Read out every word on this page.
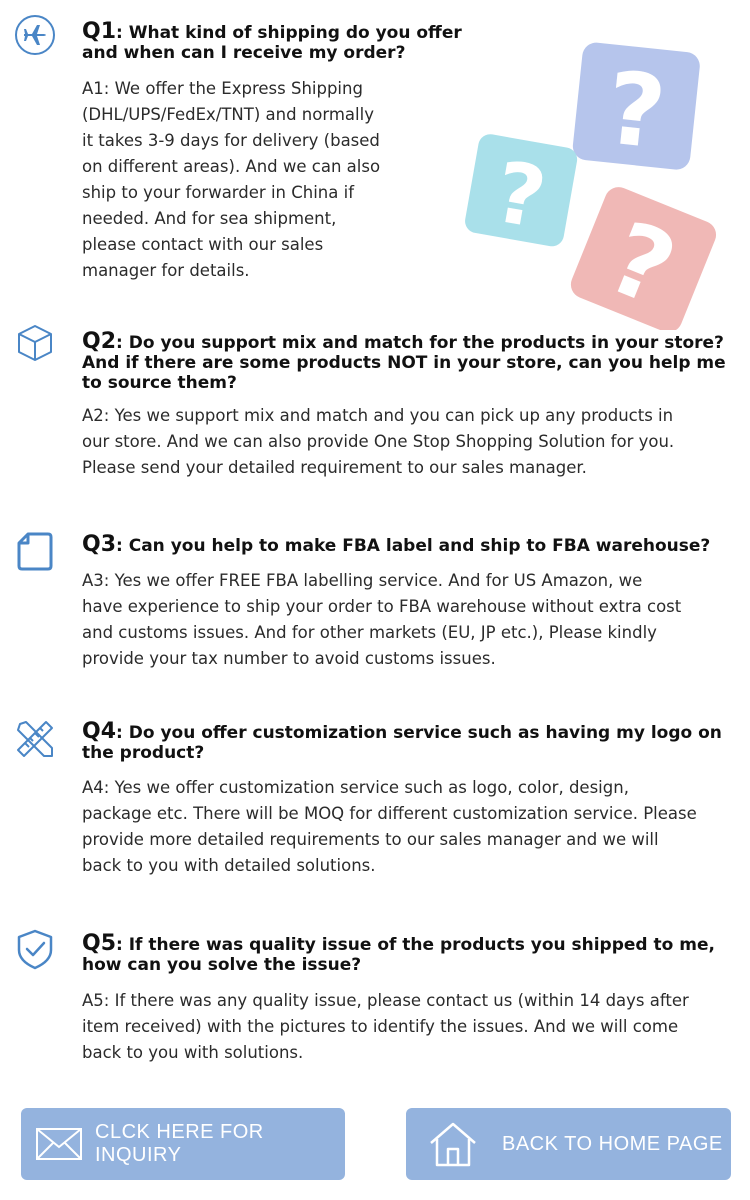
Q1: What kind of shipping do you offer and when can I receive my order?

A1: We offer the Express Shipping
(DHL/UPS/FedEx/TNT) and normally
it takes 3-9 days for delivery (based
on different areas). And we can also
ship to your forwarder in China if
needed. And for sea shipment,
please contact with our sales
manager for details.

?
?
?

Q2: Do you support mix and match for the products in your store? And if there are some products NOT in your store, can you help me to source them?

A2: Yes we support mix and match and you can pick up any products in
our store. And we can also provide One Stop Shopping Solution for you.
Please send your detailed requirement to our sales manager.

Q3: Can you help to make FBA label and ship to FBA warehouse?

A3: Yes we offer FREE FBA labelling service. And for US Amazon, we
have experience to ship your order to FBA warehouse without extra cost
and customs issues. And for other markets (EU, JP etc.), Please kindly
provide your tax number to avoid customs issues.

Q4: Do you offer customization service such as having my logo on the product?

A4: Yes we offer customization service such as logo, color, design,
package etc. There will be MOQ for different customization service. Please
provide more detailed requirements to our sales manager and we will
back to you with detailed solutions.

Q5: If there was quality issue of the products you shipped to me, how can you solve the issue?

A5: If there was any quality issue, please contact us (within 14 days after
item received) with the pictures to identify the issues. And we will come
back to you with solutions.

CLCK HERE FOR INQUIRY
BACK TO HOME PAGE
